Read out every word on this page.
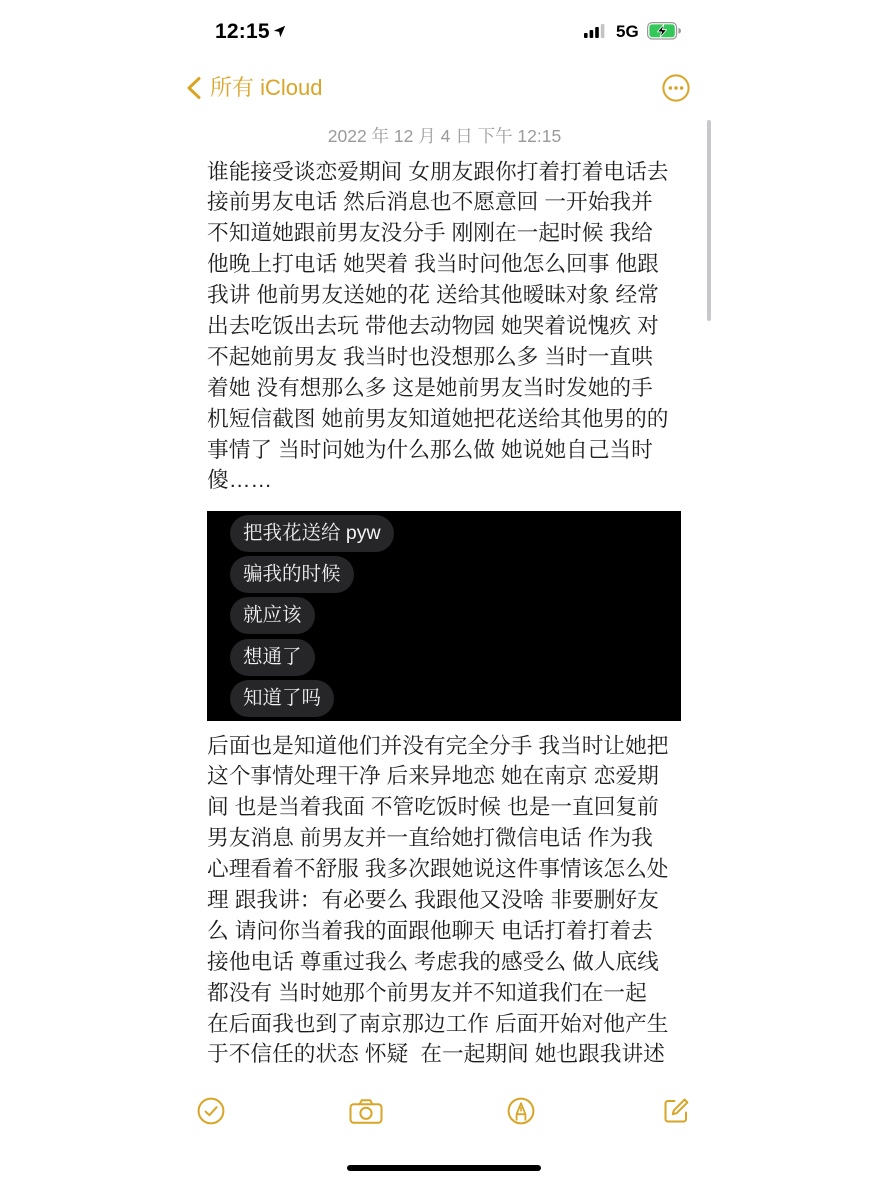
12:15	5G
所有 iCloud
2022 年 12 月 4 日 下午 12:15
谁能接受谈恋爱期间 女朋友跟你打着打着电话去
接前男友电话 然后消息也不愿意回 一开始我并
不知道她跟前男友没分手 刚刚在一起时候 我给
他晚上打电话 她哭着 我当时问他怎么回事 他跟
我讲 他前男友送她的花 送给其他暧昧对象 经常
出去吃饭出去玩 带他去动物园 她哭着说愧疚 对
不起她前男友 我当时也没想那么多 当时一直哄
着她 没有想那么多 这是她前男友当时发她的手
机短信截图 她前男友知道她把花送给其他男的的
事情了 当时问她为什么那么做 她说她自己当时
傻……
把我花送给 pyw
骗我的时候
就应该
想通了
知道了吗
后面也是知道他们并没有完全分手 我当时让她把
这个事情处理干净 后来异地恋 她在南京 恋爱期
间 也是当着我面 不管吃饭时候 也是一直回复前
男友消息 前男友并一直给她打微信电话 作为我
心理看着不舒服 我多次跟她说这件事情该怎么处
理 跟我讲：有必要么 我跟他又没啥 非要删好友
么 请问你当着我的面跟他聊天 电话打着打着去
接他电话 尊重过我么 考虑我的感受么 做人底线
都没有 当时她那个前男友并不知道我们在一起
在后面我也到了南京那边工作 后面开始对他产生
于不信任的状态 怀疑  在一起期间 她也跟我讲述
